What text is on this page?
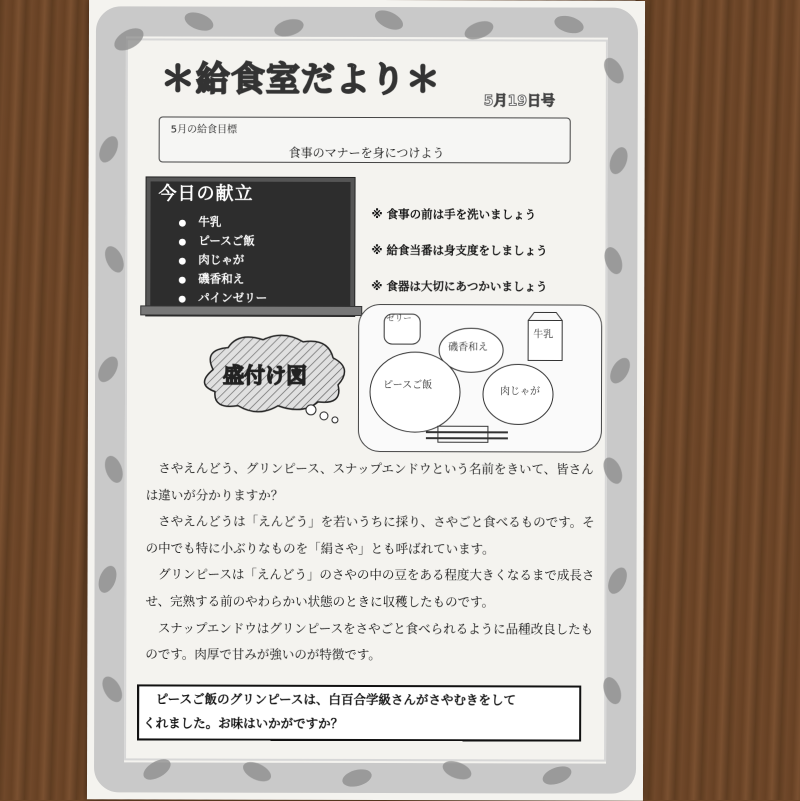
＊給食室だより＊
5月19日号
5月の給食目標
食事のマナーを身につけよう
今日の献立
● 牛乳
● ピースご飯
● 肉じゃが
● 磯香和え
● パインゼリー
※ 食事の前は手を洗いましょう
※ 給食当番は身支度をしましょう
※ 食器は大切にあつかいましょう
盛付け図
ゼリー
磯香和え
牛乳
ピースご飯
肉じゃが

さやえんどう、グリンピース、スナップエンドウという名前をきいて、皆さんは違いが分かりますか？

さやえんどうは「えんどう」を若いうちに採り、さやごと食べるものです。その中でも特に小ぶりなものを「絹さや」とも呼ばれています。

グリンピースは「えんどう」のさやの中の豆をある程度大きくなるまで成長させ、完熟する前のやわらかい状態のときに収穫したものです。

スナップエンドウはグリンピースをさやごと食べられるように品種改良したものです。肉厚で甘みが強いのが特徴です。

ピースご飯のグリンピースは、白百合学級さんがさやむきをして
くれました。お味はいかがですか？
